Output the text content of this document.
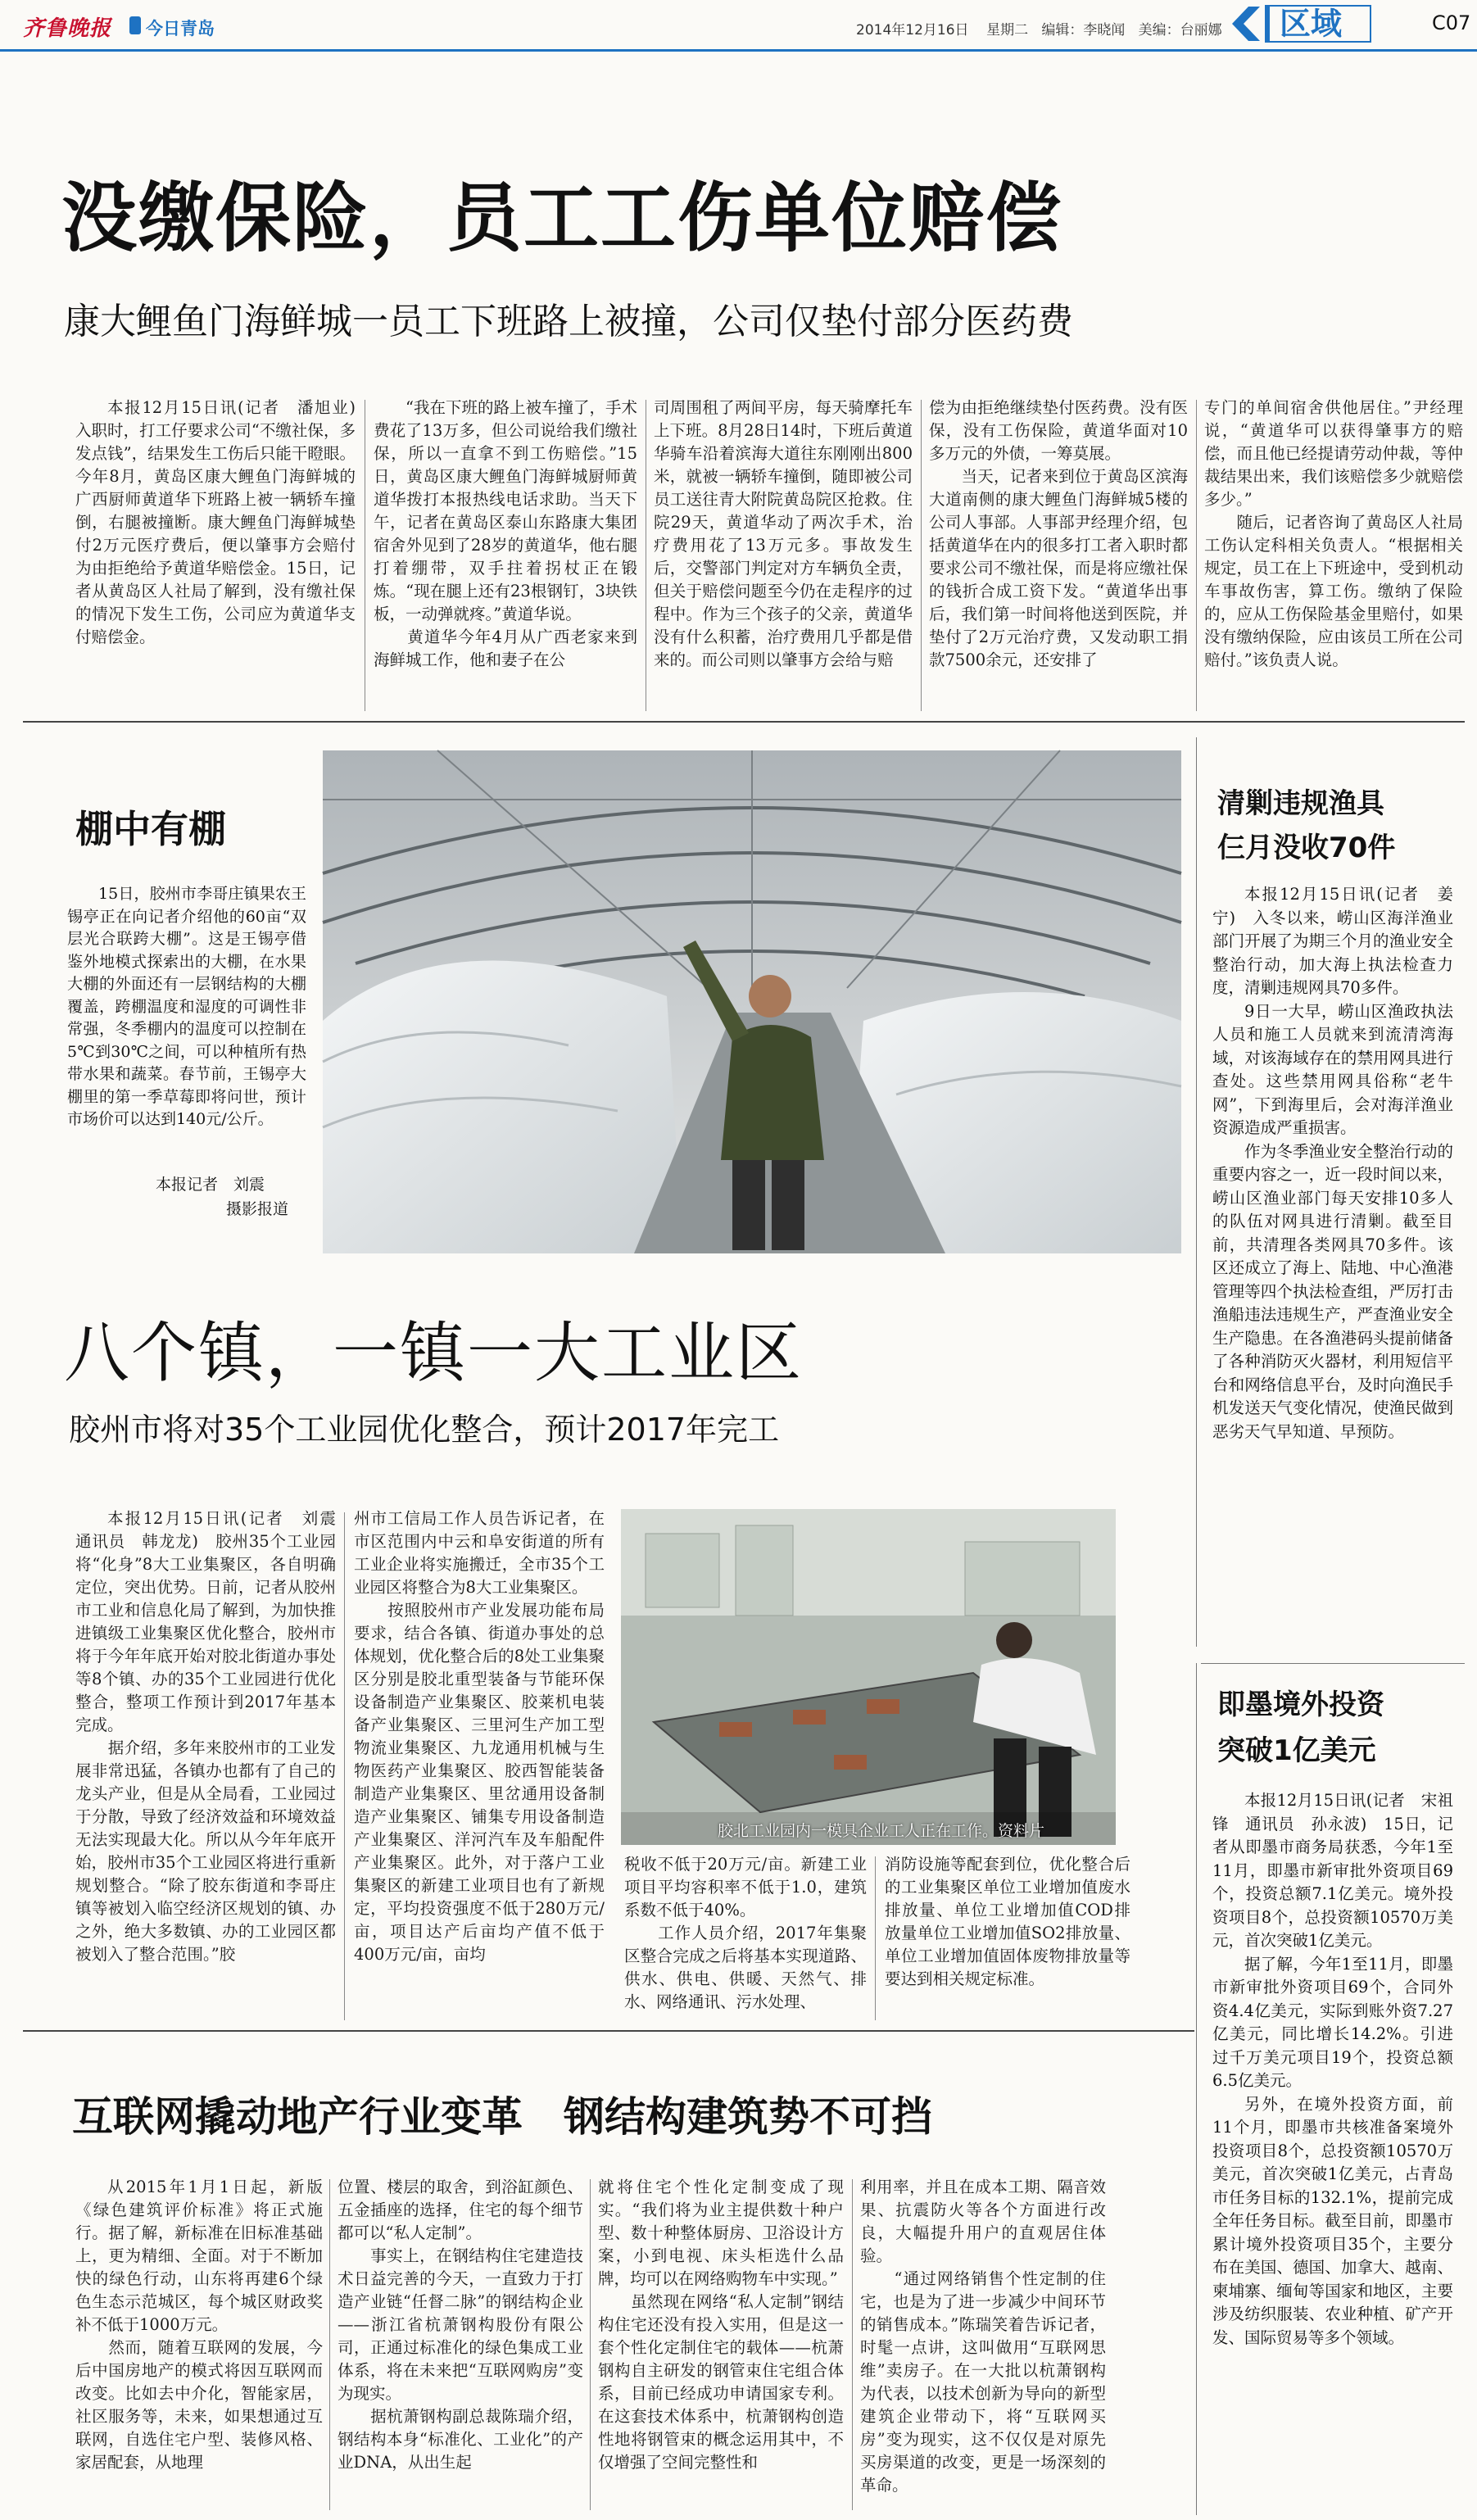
齐鲁晚报 今日青岛	2014年12月16日 星期二 编辑：李晓闻 美编：台丽娜 区域	C07
没缴保险，员工工伤单位赔偿
康大鲤鱼门海鲜城一员工下班路上被撞，公司仅垫付部分医药费

本报12月15日讯(记者　潘旭业)　入职时，打工仔要求公司“不缴社保，多发点钱”，结果发生工伤后只能干瞪眼。今年8月，黄岛区康大鲤鱼门海鲜城的广西厨师黄道华下班路上被一辆轿车撞倒，右腿被撞断。康大鲤鱼门海鲜城垫付2万元医疗费后，便以肇事方会赔付为由拒绝给予黄道华赔偿金。15日，记者从黄岛区人社局了解到，没有缴社保的情况下发生工伤，公司应为黄道华支付赔偿金。

“我在下班的路上被车撞了，手术费花了13万多，但公司说给我们缴社保，所以一直拿不到工伤赔偿。”15日，黄岛区康大鲤鱼门海鲜城厨师黄道华拨打本报热线电话求助。当天下午，记者在黄岛区泰山东路康大集团宿舍外见到了28岁的黄道华，他右腿打着绷带，双手拄着拐杖正在锻炼。“现在腿上还有23根钢钉，3块铁板，一动弹就疼。”黄道华说。
　　黄道华今年4月从广西老家来到海鲜城工作，他和妻子在公

司周围租了两间平房，每天骑摩托车上下班。8月28日14时，下班后黄道华骑车沿着滨海大道往东刚刚出800米，就被一辆轿车撞倒，随即被公司员工送往青大附院黄岛院区抢救。住院29天，黄道华动了两次手术，治疗费用花了13万元多。事故发生后，交警部门判定对方车辆负全责，但关于赔偿问题至今仍在走程序的过程中。作为三个孩子的父亲，黄道华没有什么积蓄，治疗费用几乎都是借来的。而公司则以肇事方会给与赔

偿为由拒绝继续垫付医药费。没有医保，没有工伤保险，黄道华面对10多万元的外债，一筹莫展。
　　当天，记者来到位于黄岛区滨海大道南侧的康大鲤鱼门海鲜城5楼的公司人事部。人事部尹经理介绍，包括黄道华在内的很多打工者入职时都要求公司不缴社保，而是将应缴社保的钱折合成工资下发。“黄道华出事后，我们第一时间将他送到医院，并垫付了2万元治疗费，又发动职工捐款7500余元，还安排了

专门的单间宿舍供他居住。”尹经理说，“黄道华可以获得肇事方的赔偿，而且他已经提请劳动仲裁，等仲裁结果出来，我们该赔偿多少就赔偿多少。”
　　随后，记者咨询了黄岛区人社局工伤认定科相关负责人。“根据相关规定，员工在上下班途中，受到机动车事故伤害，算工伤。缴纳了保险的，应从工伤保险基金里赔付，如果没有缴纳保险，应由该员工所在公司赔付。”该负责人说。

棚中有棚

15日，胶州市李哥庄镇果农王锡亭正在向记者介绍他的60亩“双层光合联跨大棚”。这是王锡亭借鉴外地模式探索出的大棚，在水果大棚的外面还有一层钢结构的大棚覆盖，跨棚温度和湿度的可调性非常强，冬季棚内的温度可以控制在5℃到30℃之间，可以种植所有热带水果和蔬菜。春节前，王锡亭大棚里的第一季草莓即将问世，预计市场价可以达到140元/公斤。

本报记者　刘震
摄影报道
清剿违规渔具
仨月没收70件

本报12月15日讯(记者　姜宁)　入冬以来，崂山区海洋渔业部门开展了为期三个月的渔业安全整治行动，加大海上执法检查力度，清剿违规网具70多件。

9日一大早，崂山区渔政执法人员和施工人员就来到流清湾海域，对该海域存在的禁用网具进行查处。这些禁用网具俗称“老牛网”，下到海里后，会对海洋渔业资源造成严重损害。

作为冬季渔业安全整治行动的重要内容之一，近一段时间以来，崂山区渔业部门每天安排10多人的队伍对网具进行清剿。截至目前，共清理各类网具70多件。该区还成立了海上、陆地、中心渔港管理等四个执法检查组，严厉打击渔船违法违规生产，严查渔业安全生产隐患。在各渔港码头提前储备了各种消防灭火器材，利用短信平台和网络信息平台，及时向渔民手机发送天气变化情况，使渔民做到恶劣天气早知道、早预防。

八个镇，一镇一大工业区
胶州市将对35个工业园优化整合，预计2017年完工

本报12月15日讯(记者　刘震　通讯员　韩龙龙)　胶州35个工业园将“化身”8大工业集聚区，各自明确定位，突出优势。日前，记者从胶州市工业和信息化局了解到，为加快推进镇级工业集聚区优化整合，胶州市将于今年年底开始对胶北街道办事处等8个镇、办的35个工业园进行优化整合，整项工作预计到2017年基本完成。
　　据介绍，多年来胶州市的工业发展非常迅猛，各镇办也都有了自己的龙头产业，但是从全局看，工业园过于分散，导致了经济效益和环境效益无法实现最大化。所以从今年年底开始，胶州市35个工业园区将进行重新规划整合。“除了胶东街道和李哥庄镇等被划入临空经济区规划的镇、办之外，绝大多数镇、办的工业园区都被划入了整合范围。”胶

州市工信局工作人员告诉记者，在市区范围内中云和阜安街道的所有工业企业将实施搬迁，全市35个工业园区将整合为8大工业集聚区。
　　按照胶州市产业发展功能布局要求，结合各镇、街道办事处的总体规划，优化整合后的8处工业集聚区分别是胶北重型装备与节能环保设备制造产业集聚区、胶莱机电装备产业集聚区、三里河生产加工型物流业集聚区、九龙通用机械与生物医药产业集聚区、胶西智能装备制造产业集聚区、里岔通用设备制造产业集聚区、铺集专用设备制造产业集聚区、洋河汽车及车船配件产业集聚区。此外，对于落户工业集聚区的新建工业项目也有了新规定，平均投资强度不低于280万元/亩，项目达产后亩均产值不低于400万元/亩，亩均

胶北工业园内一模具企业工人正在工作。资料片

税收不低于20万元/亩。新建工业项目平均容积率不低于1.0，建筑系数不低于40%。
　　工作人员介绍，2017年集聚区整合完成之后将基本实现道路、供水、供电、供暖、天然气、排水、网络通讯、污水处理、

消防设施等配套到位，优化整合后的工业集聚区单位工业增加值废水排放量、单位工业增加值COD排放量单位工业增加值SO2排放量、单位工业增加值固体废物排放量等要达到相关规定标准。

即墨境外投资
突破1亿美元

本报12月15日讯(记者　宋祖锋　通讯员　孙永波)　15日，记者从即墨市商务局获悉，今年1至11月，即墨市新审批外资项目69个，投资总额7.1亿美元。境外投资项目8个，总投资额10570万美元，首次突破1亿美元。

据了解，今年1至11月，即墨市新审批外资项目69个，合同外资4.4亿美元，实际到账外资7.27亿美元，同比增长14.2%。引进过千万美元项目19个，投资总额6.5亿美元。

另外，在境外投资方面，前11个月，即墨市共核准备案境外投资项目8个，总投资额10570万美元，首次突破1亿美元，占青岛市任务目标的132.1%，提前完成全年任务目标。截至目前，即墨市累计境外投资项目35个，主要分布在美国、德国、加拿大、越南、柬埔寨、缅甸等国家和地区，主要涉及纺织服装、农业种植、矿产开发、国际贸易等多个领域。

互联网撬动地产行业变革　钢结构建筑势不可挡

从2015年1月1日起，新版《绿色建筑评价标准》将正式施行。据了解，新标准在旧标准基础上，更为精细、全面。对于不断加快的绿色行动，山东将再建6个绿色生态示范城区，每个城区财政奖补不低于1000万元。
　　然而，随着互联网的发展，今后中国房地产的模式将因互联网而改变。比如去中介化，智能家居，社区服务等，未来，如果想通过互联网，自选住宅户型、装修风格、家居配套，从地理

位置、楼层的取舍，到浴缸颜色、五金插座的选择，住宅的每个细节都可以“私人定制”。
　　事实上，在钢结构住宅建造技术日益完善的今天，一直致力于打造产业链“任督二脉”的钢结构企业——浙江省杭萧钢构股份有限公司，正通过标准化的绿色集成工业体系，将在未来把“互联网购房”变为现实。
　　据杭萧钢构副总裁陈瑞介绍，钢结构本身“标准化、工业化”的产业DNA，从出生起

就将住宅个性化定制变成了现实。“我们将为业主提供数十种户型、数十种整体厨房、卫浴设计方案，小到电视、床头柜选什么品牌，均可以在网络购物车中实现。”
　　虽然现在网络“私人定制”钢结构住宅还没有投入实用，但是这一套个性化定制住宅的载体——杭萧钢构自主研发的钢管束住宅组合体系，目前已经成功申请国家专利。在这套技术体系中，杭萧钢构创造性地将钢管束的概念运用其中，不仅增强了空间完整性和

利用率，并且在成本工期、隔音效果、抗震防火等各个方面进行改良，大幅提升用户的直观居住体验。
　　“通过网络销售个性定制的住宅，也是为了进一步减少中间环节的销售成本。”陈瑞笑着告诉记者，时髦一点讲，这叫做用“互联网思维”卖房子。在一大批以杭萧钢构为代表，以技术创新为导向的新型建筑企业带动下，将“互联网买房”变为现实，这不仅仅是对原先买房渠道的改变，更是一场深刻的革命。
